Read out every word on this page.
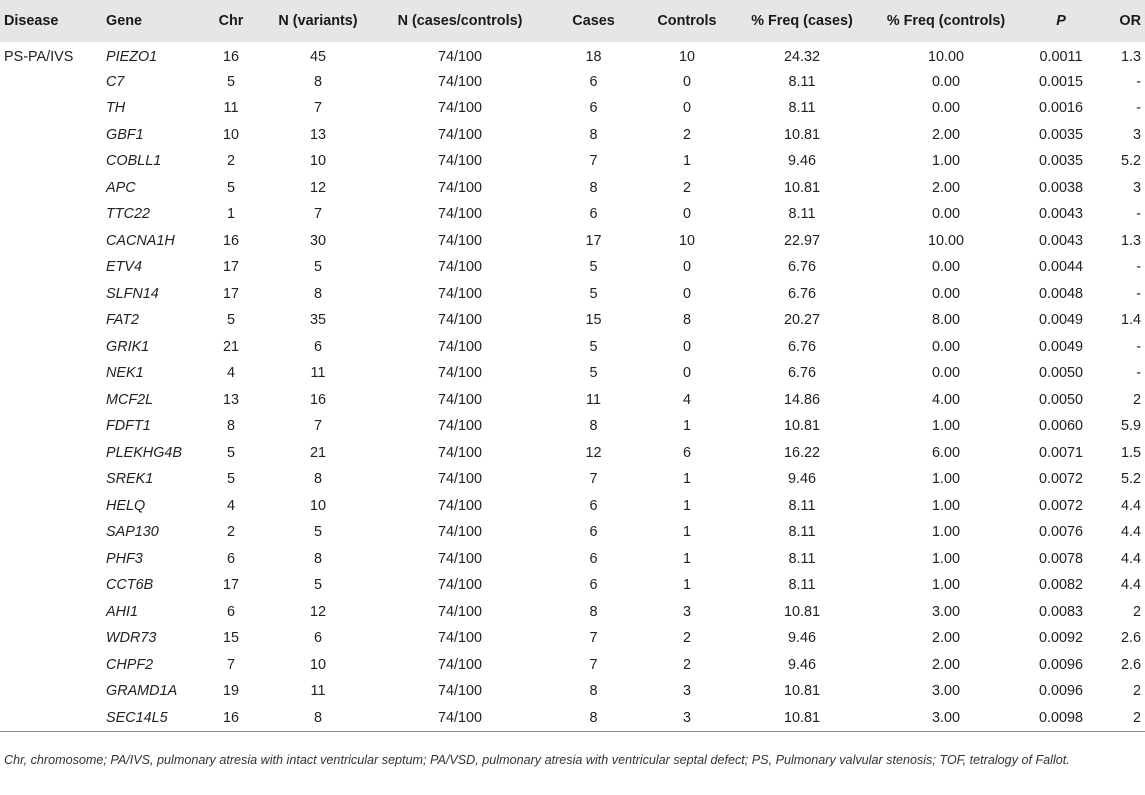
Disease	Gene	Chr	N (variants)	N (cases/controls)	Cases	Controls	% Freq (cases)	% Freq (controls)	P	OR
PS-PA/IVS	PIEZO1	16	45	74/100	18	10	24.32	10.00	0.0011	1.3
	C7	5	8	74/100	6	0	8.11	0.00	0.0015	-
	TH	11	7	74/100	6	0	8.11	0.00	0.0016	-
	GBF1	10	13	74/100	8	2	10.81	2.00	0.0035	3
	COBLL1	2	10	74/100	7	1	9.46	1.00	0.0035	5.2
	APC	5	12	74/100	8	2	10.81	2.00	0.0038	3
	TTC22	1	7	74/100	6	0	8.11	0.00	0.0043	-
	CACNA1H	16	30	74/100	17	10	22.97	10.00	0.0043	1.3
	ETV4	17	5	74/100	5	0	6.76	0.00	0.0044	-
	SLFN14	17	8	74/100	5	0	6.76	0.00	0.0048	-
	FAT2	5	35	74/100	15	8	20.27	8.00	0.0049	1.4
	GRIK1	21	6	74/100	5	0	6.76	0.00	0.0049	-
	NEK1	4	11	74/100	5	0	6.76	0.00	0.0050	-
	MCF2L	13	16	74/100	11	4	14.86	4.00	0.0050	2
	FDFT1	8	7	74/100	8	1	10.81	1.00	0.0060	5.9
	PLEKHG4B	5	21	74/100	12	6	16.22	6.00	0.0071	1.5
	SREK1	5	8	74/100	7	1	9.46	1.00	0.0072	5.2
	HELQ	4	10	74/100	6	1	8.11	1.00	0.0072	4.4
	SAP130	2	5	74/100	6	1	8.11	1.00	0.0076	4.4
	PHF3	6	8	74/100	6	1	8.11	1.00	0.0078	4.4
	CCT6B	17	5	74/100	6	1	8.11	1.00	0.0082	4.4
	AHI1	6	12	74/100	8	3	10.81	3.00	0.0083	2
	WDR73	15	6	74/100	7	2	9.46	2.00	0.0092	2.6
	CHPF2	7	10	74/100	7	2	9.46	2.00	0.0096	2.6
	GRAMD1A	19	11	74/100	8	3	10.81	3.00	0.0096	2
	SEC14L5	16	8	74/100	8	3	10.81	3.00	0.0098	2
Chr, chromosome; PA/IVS, pulmonary atresia with intact ventricular septum; PA/VSD, pulmonary atresia with ventricular septal defect; PS, Pulmonary valvular stenosis; TOF, tetralogy of Fallot.
